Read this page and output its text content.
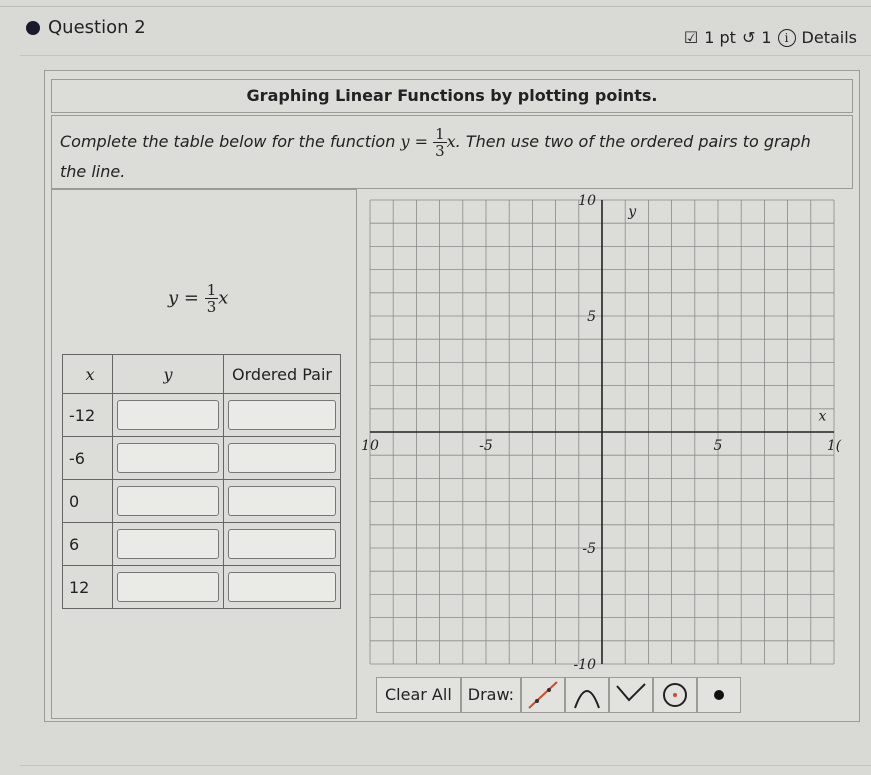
Question 2	☑ 1 pt ↺ 1	i Details
Graphing Linear Functions by plotting points.

Complete the table below for the function $y = \frac{1}{3} x$. Then use two of the ordered pairs to graph the line.

$y = \frac{1}{3}$ x
x	y	Ordered Pair
-12		
-6		
0		
6		
12		
10	-5	5	1(
10
5
-5
-10
x
y
Clear All	Draw:
